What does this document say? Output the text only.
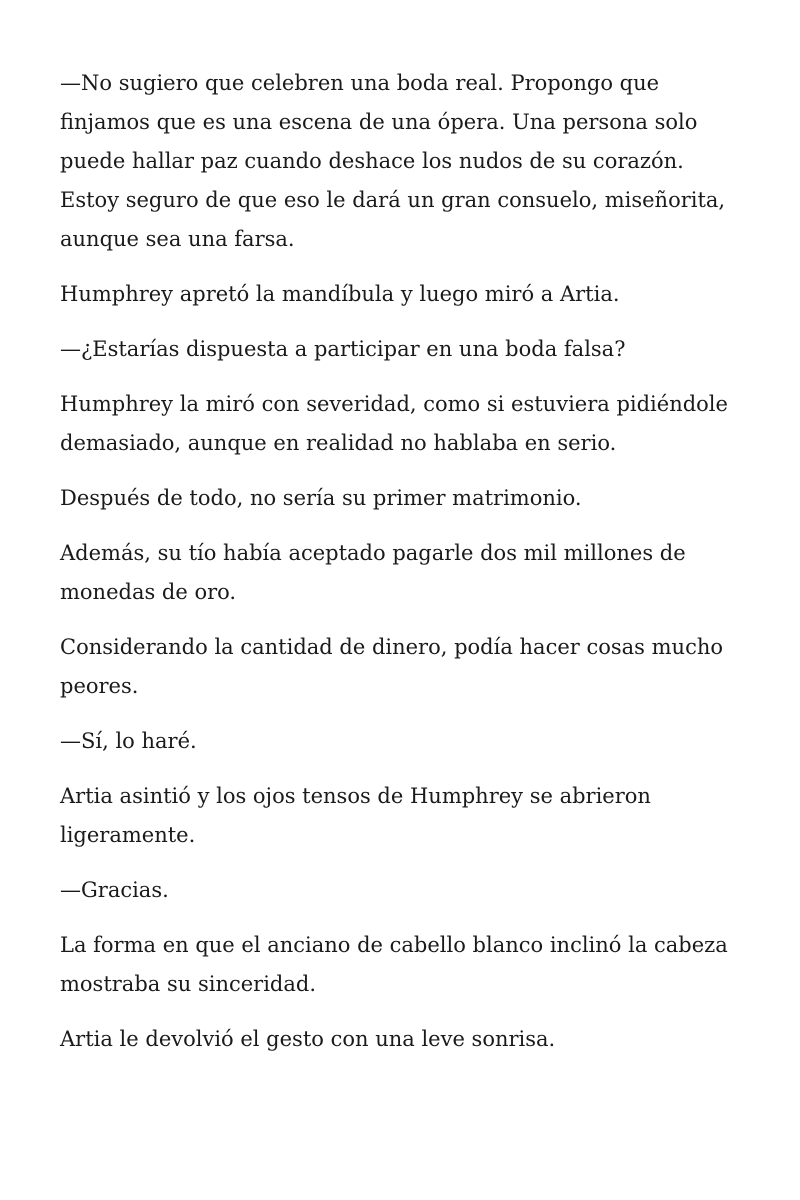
—No sugiero que celebren una boda real. Propongo que finjamos que es una escena de una ópera. Una persona solo puede hallar paz cuando deshace los nudos de su corazón. Estoy seguro de que eso le dará un gran consuelo, miseñorita, aunque sea una farsa.

Humphrey apretó la mandíbula y luego miró a Artia.

—¿Estarías dispuesta a participar en una boda falsa?

Humphrey la miró con severidad, como si estuviera pidiéndole demasiado, aunque en realidad no hablaba en serio.

Después de todo, no sería su primer matrimonio.

Además, su tío había aceptado pagarle dos mil millones de monedas de oro.

Considerando la cantidad de dinero, podía hacer cosas mucho peores.

—Sí, lo haré.

Artia asintió y los ojos tensos de Humphrey se abrieron ligeramente.

—Gracias.

La forma en que el anciano de cabello blanco inclinó la cabeza mostraba su sinceridad.

Artia le devolvió el gesto con una leve sonrisa.
